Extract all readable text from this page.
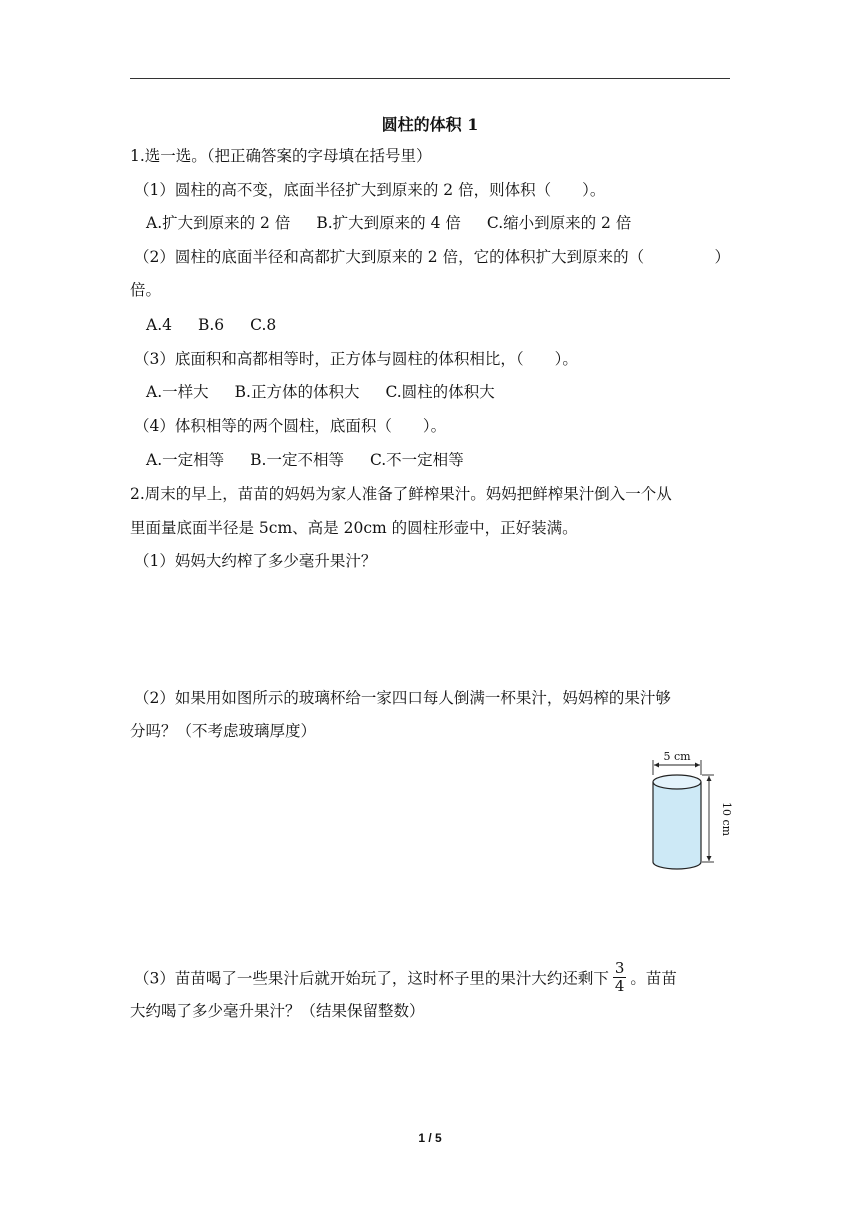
圆柱的体积 1
1.选一选。（把正确答案的字母填在括号里）
（1）圆柱的高不变，底面半径扩大到原来的 2 倍，则体积（　　）。
A.扩大到原来的 2 倍 B.扩大到原来的 4 倍 C.缩小到原来的 2 倍
（2）圆柱的底面半径和高都扩大到原来的 2 倍，它的体积扩大到原来的（	）
倍。
A.4 B.6 C.8
（3）底面积和高都相等时，正方体与圆柱的体积相比，（　　）。
A.一样大 B.正方体的体积大 C.圆柱的体积大
（4）体积相等的两个圆柱，底面积（　　）。
A.一定相等 B.一定不相等 C.不一定相等
2.周末的早上，苗苗的妈妈为家人准备了鲜榨果汁。妈妈把鲜榨果汁倒入一个从
里面量底面半径是 5cm、高是 20cm 的圆柱形壶中，正好装满。
（1）妈妈大约榨了多少毫升果汁？
（2）如果用如图所示的玻璃杯给一家四口每人倒满一杯果汁，妈妈榨的果汁够
分吗？（不考虑玻璃厚度）
5 cm
10 cm
（3）苗苗喝了一些果汁后就开始玩了，这时杯子里的果汁大约还剩下 $\frac{3}{4}$ 。苗苗
大约喝了多少毫升果汁？（结果保留整数）
1 / 5
